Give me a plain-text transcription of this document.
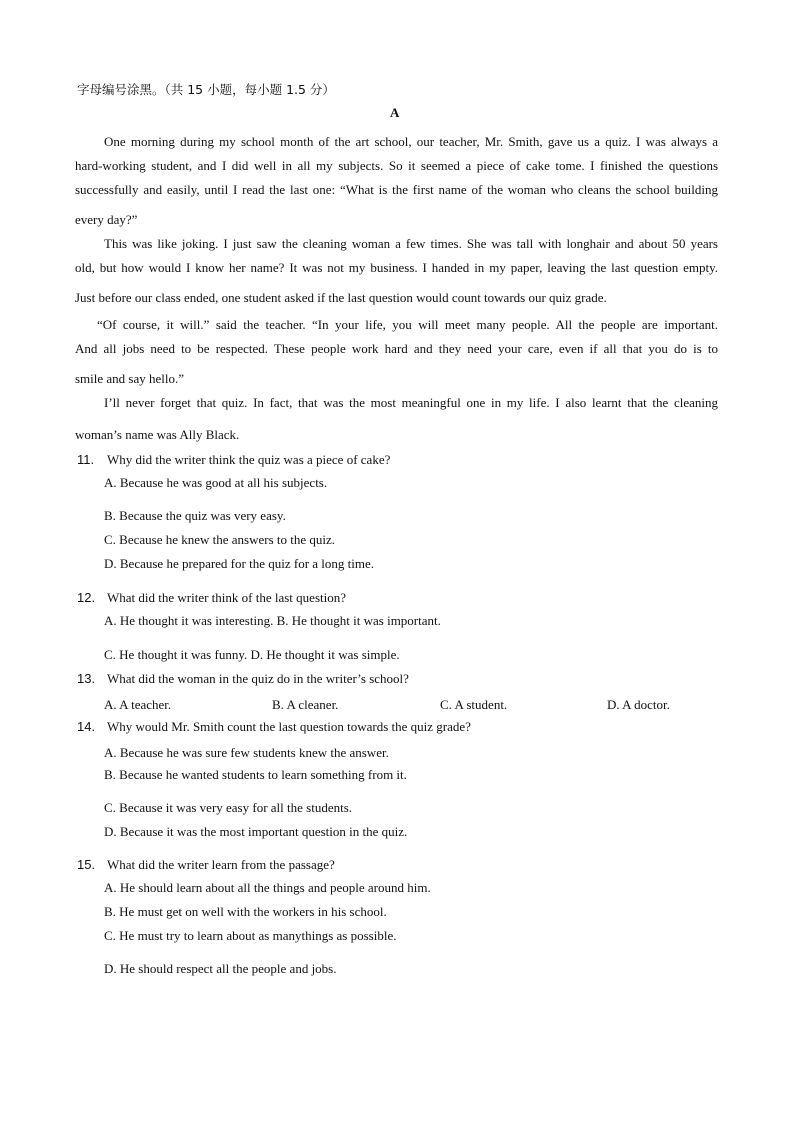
字母编号涂黑。（共 15 小题，每小题 1.5 分）
A
One morning during my school month of the art school, our teacher, Mr. Smith, gave us a quiz. I was always a
hard-working student, and I did well in all my subjects. So it seemed a piece of cake tome. I finished the questions
successfully and easily, until I read the last one: “What is the first name of the woman who cleans the school building
every day?”
This was like joking. I just saw the cleaning woman a few times. She was tall with longhair and about 50 years
old, but how would I know her name? It was not my business. I handed in my paper, leaving the last question empty.
Just before our class ended, one student asked if the last question would count towards our quiz grade.
“Of course, it will.” said the teacher. “In your life, you will meet many people. All the people are important.
And all jobs need to be respected. These people work hard and they need your care, even if all that you do is to
smile and say hello.”
I’ll never forget that quiz. In fact, that was the most meaningful one in my life. I also learnt that the cleaning
woman’s name was Ally Black.
11. Why did the writer think the quiz was a piece of cake?
A. Because he was good at all his subjects.
B. Because the quiz was very easy.
C. Because he knew the answers to the quiz.
D. Because he prepared for the quiz for a long time.
12. What did the writer think of the last question?
A. He thought it was interesting. B. He thought it was important.
C. He thought it was funny. D. He thought it was simple.
13. What did the woman in the quiz do in the writer’s school?
A. A teacher.	B. A cleaner.	C. A student.	D. A doctor.
14. Why would Mr. Smith count the last question towards the quiz grade?
A. Because he was sure few students knew the answer.
B. Because he wanted students to learn something from it.
C. Because it was very easy for all the students.
D. Because it was the most important question in the quiz.
15. What did the writer learn from the passage?
A. He should learn about all the things and people around him.
B. He must get on well with the workers in his school.
C. He must try to learn about as manythings as possible.
D. He should respect all the people and jobs.
